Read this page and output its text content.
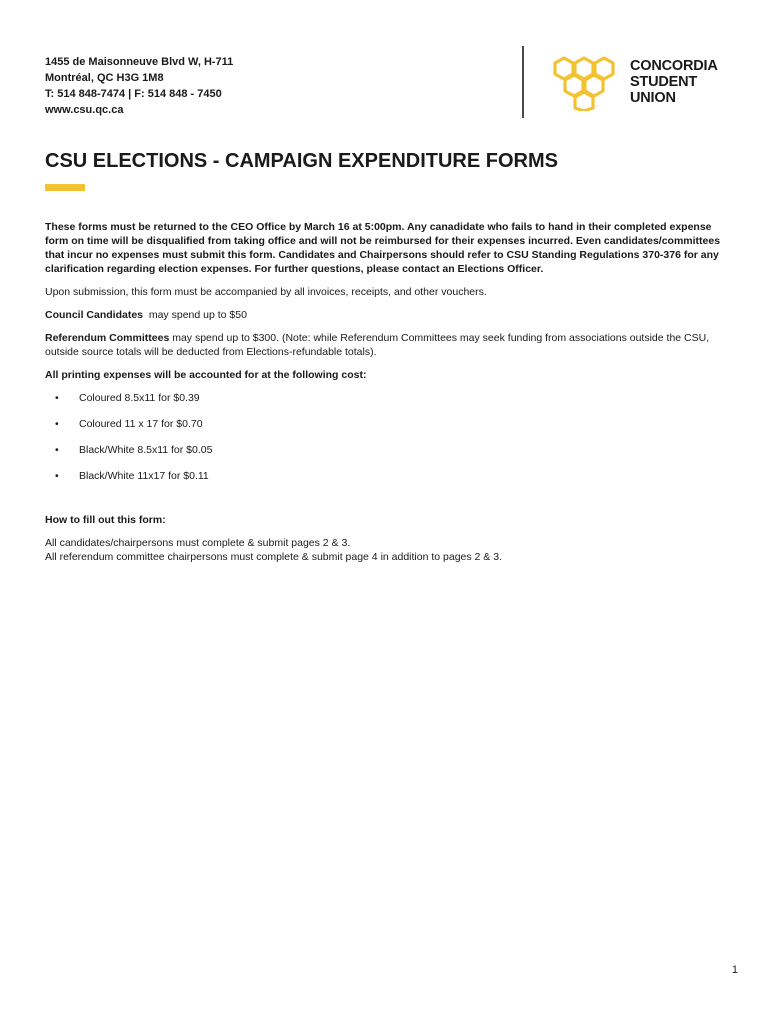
1455 de Maisonneuve Blvd W, H-711
Montréal, QC H3G 1M8
T: 514 848-7474 | F: 514 848 - 7450
www.csu.qc.ca
CONCORDIA
STUDENT
UNION
CSU ELECTIONS - CAMPAIGN EXPENDITURE FORMS

These forms must be returned to the CEO Office by March 16 at 5:00pm. Any canadidate who fails to hand in their completed expense form on time will be disqualified from taking office and will not be reimbursed for their expenses incurred. Even candidates/committees that incur no expenses must submit this form. Candidates and Chairpersons should refer to CSU Standing Regulations 370-376 for any clarification regarding election expenses. For further questions, please contact an Elections Officer.

Upon submission, this form must be accompanied by all invoices, receipts, and other vouchers.

Council Candidates  may spend up to $50

Referendum Committees may spend up to $300. (Note: while Referendum Committees may seek funding from associations outside the CSU, outside source totals will be deducted from Elections-refundable totals).

All printing expenses will be accounted for at the following cost:

• Coloured 8.5x11 for $0.39
• Coloured 11 x 17 for $0.70
• Black/White 8.5x11 for $0.05
• Black/White 11x17 for $0.11

How to fill out this form:

All candidates/chairpersons must complete & submit pages 2 & 3.
All referendum committee chairpersons must complete & submit page 4 in addition to pages 2 & 3.
1
